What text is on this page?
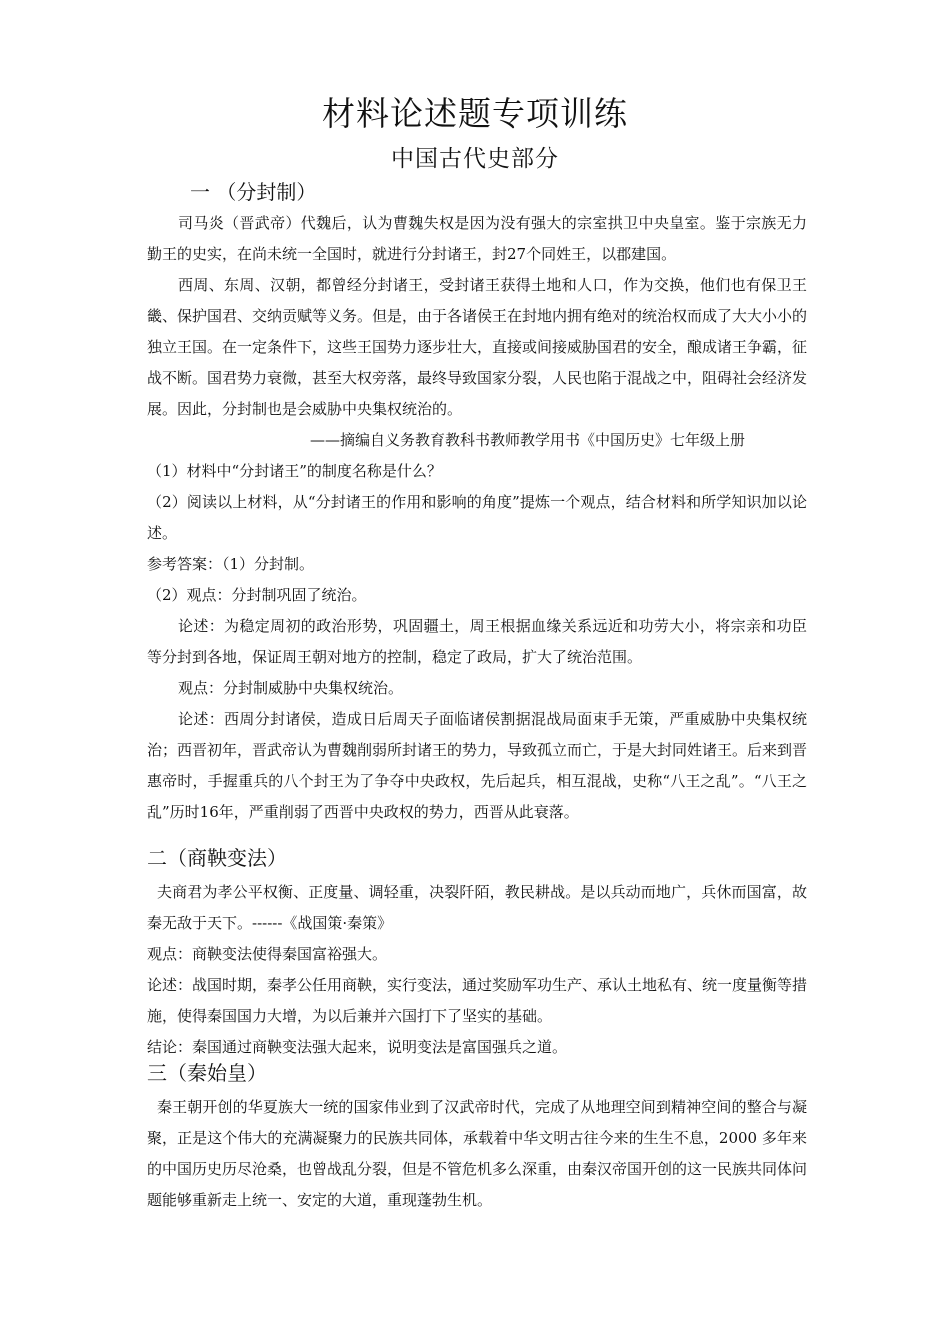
材料论述题专项训练
中国古代史部分
一 （分封制）

司马炎（晋武帝）代魏后，认为曹魏失权是因为没有强大的宗室拱卫中央皇室。鉴于宗族无力勤王的史实，在尚未统一全国时，就进行分封诸王，封27个同姓王，以郡建国。

西周、东周、汉朝，都曾经分封诸王，受封诸王获得土地和人口，作为交换，他们也有保卫王畿、保护国君、交纳贡赋等义务。但是，由于各诸侯王在封地内拥有绝对的统治权而成了大大小小的独立王国。在一定条件下，这些王国势力逐步壮大，直接或间接威胁国君的安全，酿成诸王争霸，征战不断。国君势力衰微，甚至大权旁落，最终导致国家分裂，人民也陷于混战之中，阻碍社会经济发展。因此，分封制也是会威胁中央集权统治的。

——摘编自义务教育教科书教师教学用书《中国历史》七年级上册
（1）材料中“分封诸王”的制度名称是什么？

（2）阅读以上材料，从“分封诸王的作用和影响的角度”提炼一个观点，结合材料和所学知识加以论述。

参考答案：（1）分封制。
（2）观点：分封制巩固了统治。

论述：为稳定周初的政治形势，巩固疆土，周王根据血缘关系远近和功劳大小，将宗亲和功臣等分封到各地，保证周王朝对地方的控制，稳定了政局，扩大了统治范围。

观点：分封制威胁中央集权统治。

论述：西周分封诸侯，造成日后周天子面临诸侯割据混战局面束手无策，严重威胁中央集权统治；西晋初年，晋武帝认为曹魏削弱所封诸王的势力，导致孤立而亡，于是大封同姓诸王。后来到晋惠帝时，手握重兵的八个封王为了争夺中央政权，先后起兵，相互混战，史称“八王之乱”。“八王之乱”历时16年，严重削弱了西晋中央政权的势力，西晋从此衰落。

二（商鞅变法）

夫商君为孝公平权衡、正度量、调轻重，决裂阡陌，教民耕战。是以兵动而地广，兵休而国富，故秦无敌于天下。------《战国策·秦策》

观点：商鞅变法使得秦国富裕强大。

论述：战国时期，秦孝公任用商鞅，实行变法，通过奖励军功生产、承认土地私有、统一度量衡等措施，使得秦国国力大增，为以后兼并六国打下了坚实的基础。

结论：秦国通过商鞅变法强大起来，说明变法是富国强兵之道。
三（秦始皇）

秦王朝开创的华夏族大一统的国家伟业到了汉武帝时代，完成了从地理空间到精神空间的整合与凝聚，正是这个伟大的充满凝聚力的民族共同体，承载着中华文明古往今来的生生不息，2000 多年来的中国历史历尽沧桑，也曾战乱分裂，但是不管危机多么深重，由秦汉帝国开创的这一民族共同体问题能够重新走上统一、安定的大道，重现蓬勃生机。
